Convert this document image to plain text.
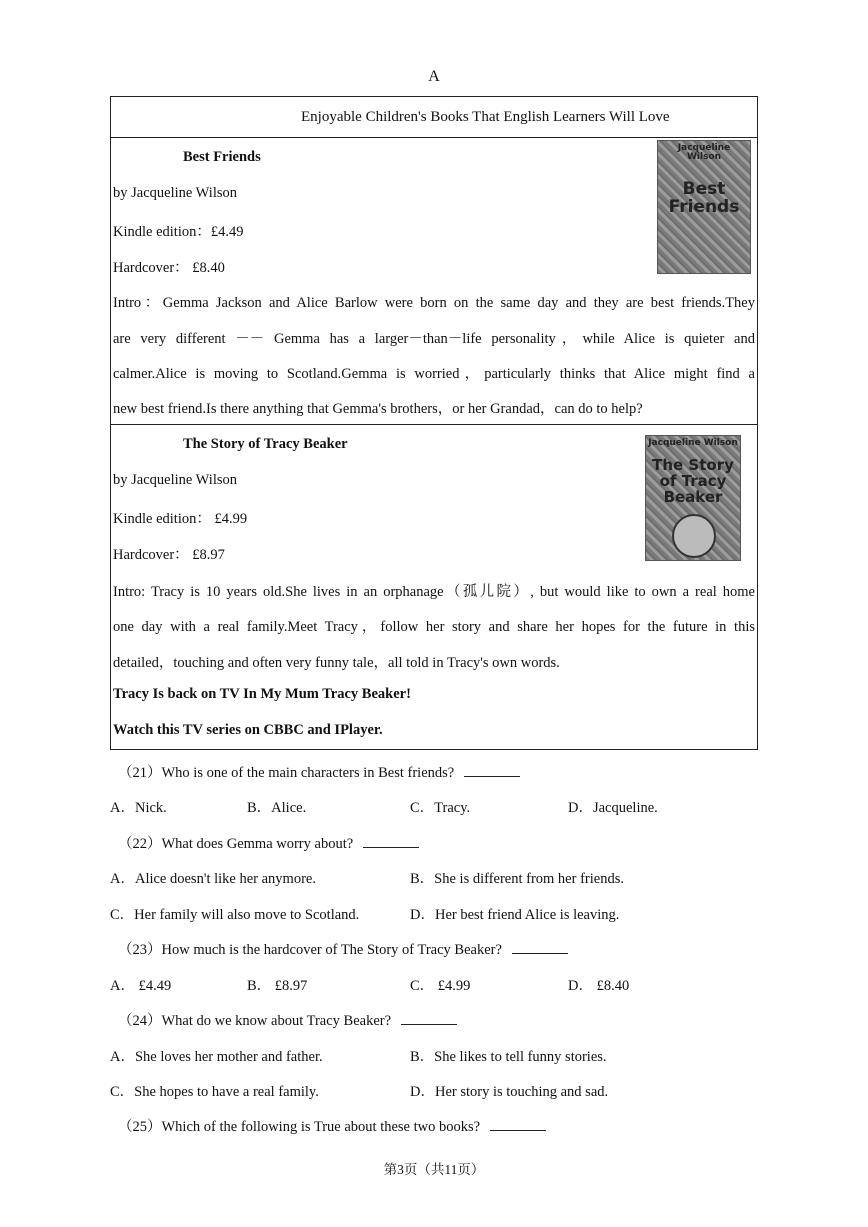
A
Enjoyable Children's Books That English Learners Will Love
Best Friends
by Jacqueline Wilson
Kindle edition：£4.49
Hardcover： £8.40
Intro：Gemma Jackson and Alice Barlow were born on the same day and they are best friends.They
are very different －－ Gemma has a larger－than－life personality，while Alice is quieter and
calmer.Alice is moving to Scotland.Gemma is worried，particularly thinks that Alice might find a
new best friend.Is there anything that Gemma's brothers，or her Grandad，can do to help?
Jacqueline Wilson
Best Friends
The Story of Tracy Beaker
by Jacqueline Wilson
Kindle edition： £4.99
Hardcover： £8.97
Intro: Tracy is 10 years old.She lives in an orphanage（孤儿院）, but would like to own a real home
one day with a real family.Meet Tracy，follow her story and share her hopes for the future in this
detailed，touching and often very funny tale，all told in Tracy's own words.
Tracy Is back on TV In My Mum Tracy Beaker!
Watch this TV series on CBBC and IPlayer.
Jacqueline Wilson
The Story of Tracy Beaker
（21）Who is one of the main characters in Best friends?
A．Nick.	B．Alice.	C．Tracy.	D．Jacqueline.
（22）What does Gemma worry about?
A．Alice doesn't like her anymore.	B．She is different from her friends.
C．Her family will also move to Scotland.	D．Her best friend Alice is leaving.
（23）How much is the hardcover of The Story of Tracy Beaker?
A． £4.49	B． £8.97	C． £4.99	D． £8.40
（24）What do we know about Tracy Beaker?
A．She loves her mother and father.	B．She likes to tell funny stories.
C．She hopes to have a real family.	D．Her story is touching and sad.
（25）Which of the following is True about these two books?
第3页（共11页）
